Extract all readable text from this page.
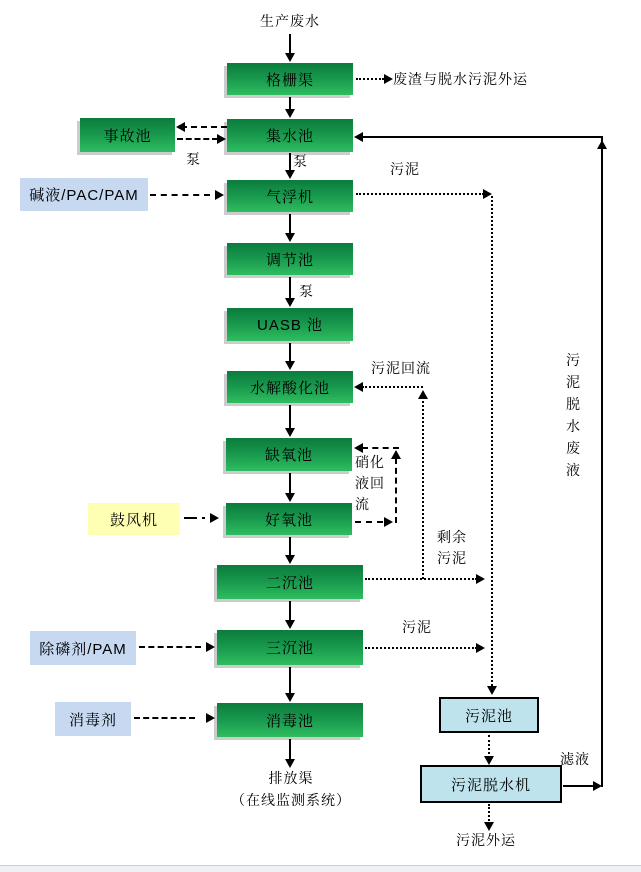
生产废水
格栅渠
集水池
事故池
气浮机
调节池
UASB 池
水解酸化池
缺氧池
好氧池
二沉池
三沉池
消毒池
碱液/PAC/PAM
鼓风机
除磷剂/PAM
消毒剂	污泥池
污泥脱水机
废渣与脱水污泥外运
泵	泵
泵
污泥
污泥回流
硝化液回流
剩余污泥
污泥
污泥脱水废液
滤液
排放渠
（在线监测系统）
污泥外运
